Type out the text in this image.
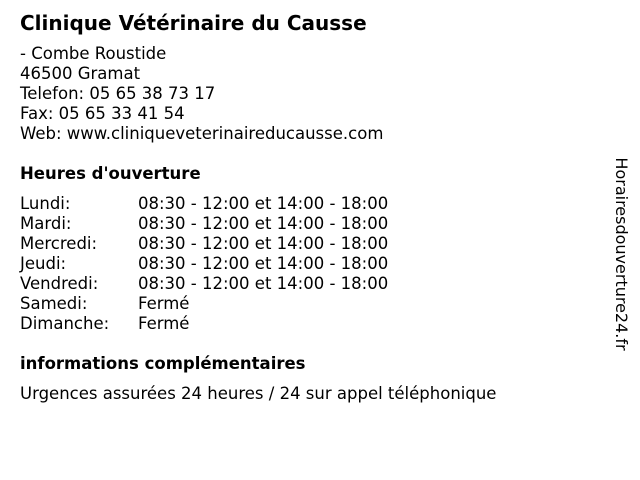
Clinique Vétérinaire du Causse
- Combe Roustide
46500 Gramat
Telefon: 05 65 38 73 17
Fax: 05 65 33 41 54
Web: www.cliniqueveterinaireducausse.com
Heures d'ouverture
Lundi:	08:30 - 12:00 et 14:00 - 18:00
Mardi:	08:30 - 12:00 et 14:00 - 18:00
Mercredi:	08:30 - 12:00 et 14:00 - 18:00
Jeudi:	08:30 - 12:00 et 14:00 - 18:00
Vendredi:	08:30 - 12:00 et 14:00 - 18:00
Samedi:	Fermé
Dimanche:	Fermé
informations complémentaires
Urgences assurées 24 heures / 24 sur appel téléphonique
Horairesdouverture24.fr
